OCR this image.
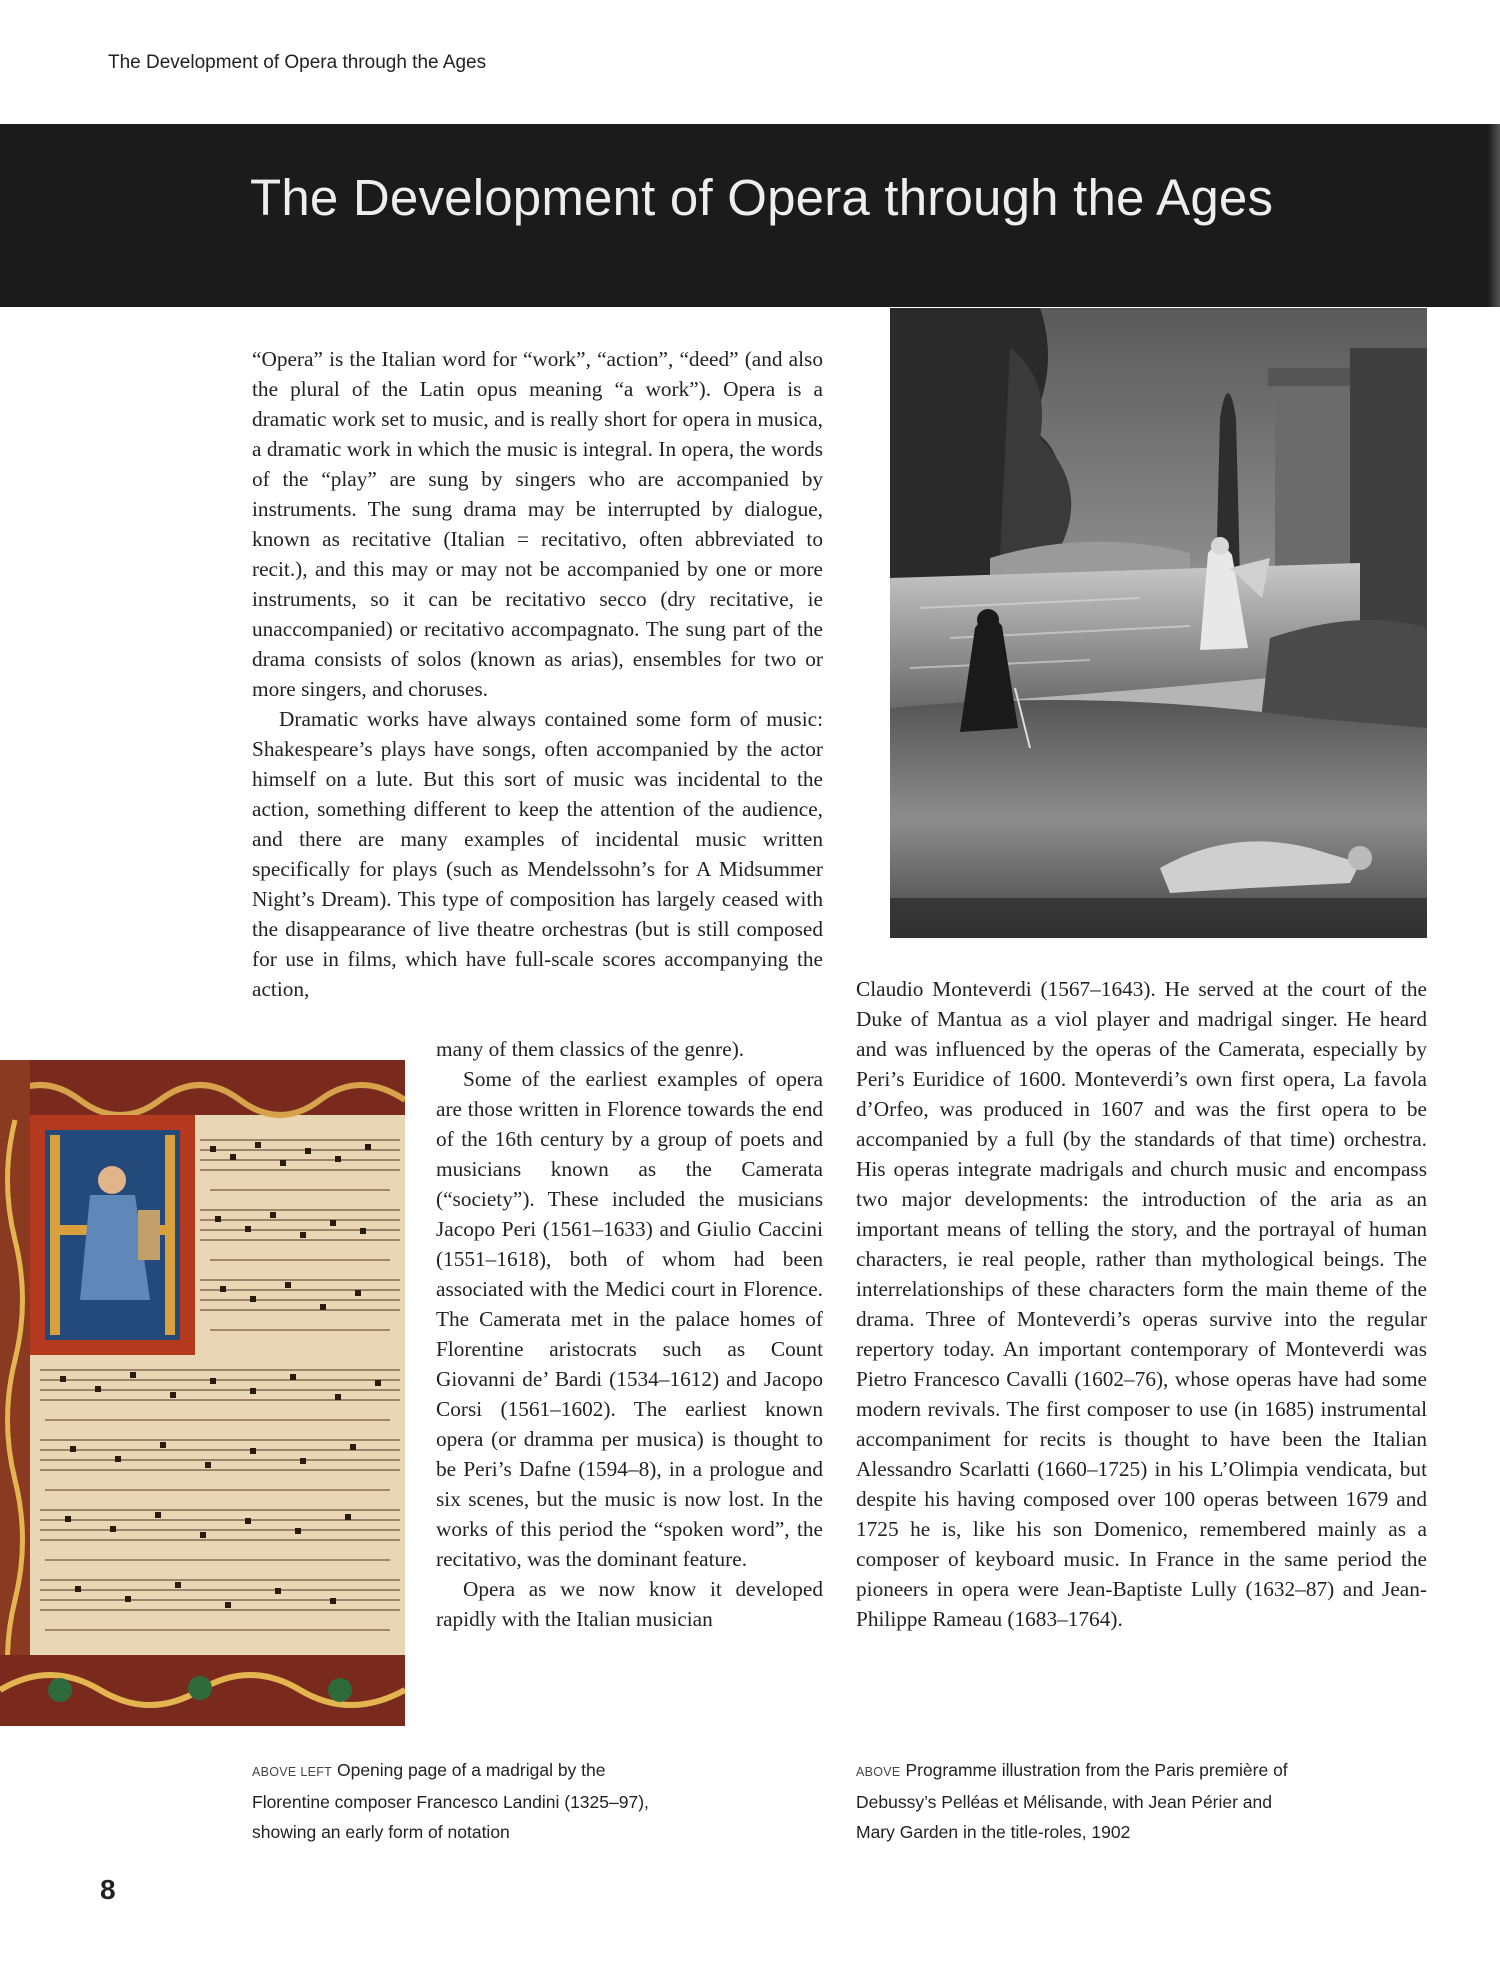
The Development of Opera through the Ages
The Development of Opera through the Ages

“Opera” is the Italian word for “work”, “action”, “deed” (and also the plural of the Latin opus meaning “a work”). Opera is a dramatic work set to music, and is really short for opera in musica, a dramatic work in which the music is integral. In opera, the words of the “play” are sung by singers who are accompanied by instruments. The sung drama may be interrupted by dialogue, known as recitative (Italian = recitativo, often abbreviated to recit.), and this may or may not be accompanied by one or more instruments, so it can be recitativo secco (dry recitative, ie unaccompanied) or recitativo accompagnato. The sung part of the drama consists of solos (known as arias), ensembles for two or more singers, and choruses.

Dramatic works have always contained some form of music: Shakespeare’s plays have songs, often accompanied by the actor himself on a lute. But this sort of music was incidental to the action, something different to keep the attention of the audience, and there are many examples of incidental music written specifically for plays (such as Mendelssohn’s for A Midsummer Night’s Dream). This type of composition has largely ceased with the disappearance of live theatre orchestras (but is still composed for use in films, which have full-scale scores accompanying the action,

many of them classics of the genre).

Some of the earliest examples of opera are those written in Florence towards the end of the 16th century by a group of poets and musicians known as the Camerata (“society”). These included the musicians Jacopo Peri (1561–1633) and Giulio Caccini (1551–1618), both of whom had been associated with the Medici court in Florence. The Camerata met in the palace homes of Florentine aristocrats such as Count Giovanni de’ Bardi (1534–1612) and Jacopo Corsi (1561–1602). The earliest known opera (or dramma per musica) is thought to be Peri’s Dafne (1594–8), in a prologue and six scenes, but the music is now lost. In the works of this period the “spoken word”, the recitativo, was the dominant feature.

Opera as we now know it developed rapidly with the Italian musician

Claudio Monteverdi (1567–1643). He served at the court of the Duke of Mantua as a viol player and madrigal singer. He heard and was influenced by the operas of the Camerata, especially by Peri’s Euridice of 1600. Monteverdi’s own first opera, La favola d’Orfeo, was produced in 1607 and was the first opera to be accompanied by a full (by the standards of that time) orchestra. His operas integrate madrigals and church music and encompass two major developments: the introduction of the aria as an important means of telling the story, and the portrayal of human characters, ie real people, rather than mythological beings. The interrelationships of these characters form the main theme of the drama. Three of Monteverdi’s operas survive into the regular repertory today. An important contemporary of Monteverdi was Pietro Francesco Cavalli (1602–76), whose operas have had some modern revivals. The first composer to use (in 1685) instrumental accompaniment for recits is thought to have been the Italian Alessandro Scarlatti (1660–1725) in his L’Olimpia vendicata, but despite his having composed over 100 operas between 1679 and 1725 he is, like his son Domenico, remembered mainly as a composer of keyboard music. In France in the same period the pioneers in opera were Jean-Baptiste Lully (1632–87) and Jean-Philippe Rameau (1683–1764).

ABOVE LEFT Opening page of a madrigal by the Florentine composer Francesco Landini (1325–97), showing an early form of notation
ABOVE Programme illustration from the Paris première of Debussy’s Pelléas et Mélisande, with Jean Périer and Mary Garden in the title-roles, 1902
8
